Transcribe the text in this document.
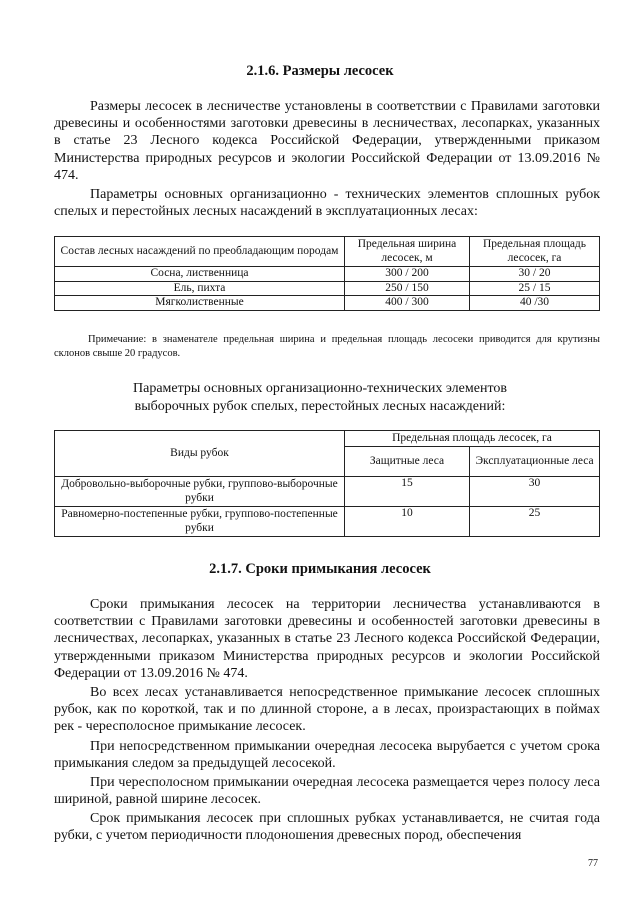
2.1.6. Размеры лесосек

Размеры лесосек в лесничестве установлены в соответствии с Правилами заготовки древесины и особенностями заготовки древесины в лесничествах, лесопарках, указанных в статье 23 Лесного кодекса Российской Федерации, утвержденными приказом Министерства природных ресурсов и экологии Российской Федерации от 13.09.2016 № 474.

Параметры основных организационно - технических элементов сплошных рубок спелых и перестойных лесных насаждений в эксплуатационных лесах:

Состав лесных насаждений по преобладающим породам	Предельная ширина лесосек, м	Предельная площадь лесосек, га
Сосна, лиственница	300 / 200	30 / 20
Ель, пихта	250 / 150	25 / 15
Мягколиственные	400 / 300	40 /30

Примечание: в знаменателе предельная ширина и предельная площадь лесосеки приводится для крутизны склонов свыше 20 градусов.

Параметры основных организационно-технических элементов выборочных рубок спелых, перестойных лесных насаждений:

Виды рубок	Предельная площадь лесосек, га	
	Защитные леса	Эксплуатационные леса
Добровольно-выборочные рубки, группово-выборочные рубки	15	30
Равномерно-постепенные рубки, группово-постепенные рубки	10	25
2.1.7. Сроки примыкания лесосек

Сроки примыкания лесосек на территории лесничества устанавливаются в соответствии с Правилами заготовки древесины и особенностей заготовки древесины в лесничествах, лесопарках, указанных в статье 23 Лесного кодекса Российской Федерации, утвержденными приказом Министерства природных ресурсов и экологии Российской Федерации от 13.09.2016 № 474.

Во всех лесах устанавливается непосредственное примыкание лесосек сплошных рубок, как по короткой, так и по длинной стороне, а в лесах, произрастающих в поймах рек - чересполосное примыкание лесосек.

При непосредственном примыкании очередная лесосека вырубается с учетом срока примыкания следом за предыдущей лесосекой.

При чересполосном примыкании очередная лесосека размещается через полосу леса шириной, равной ширине лесосек.

Срок примыкания лесосек при сплошных рубках устанавливается, не считая года рубки, с учетом периодичности плодоношения древесных пород, обеспечения

77
